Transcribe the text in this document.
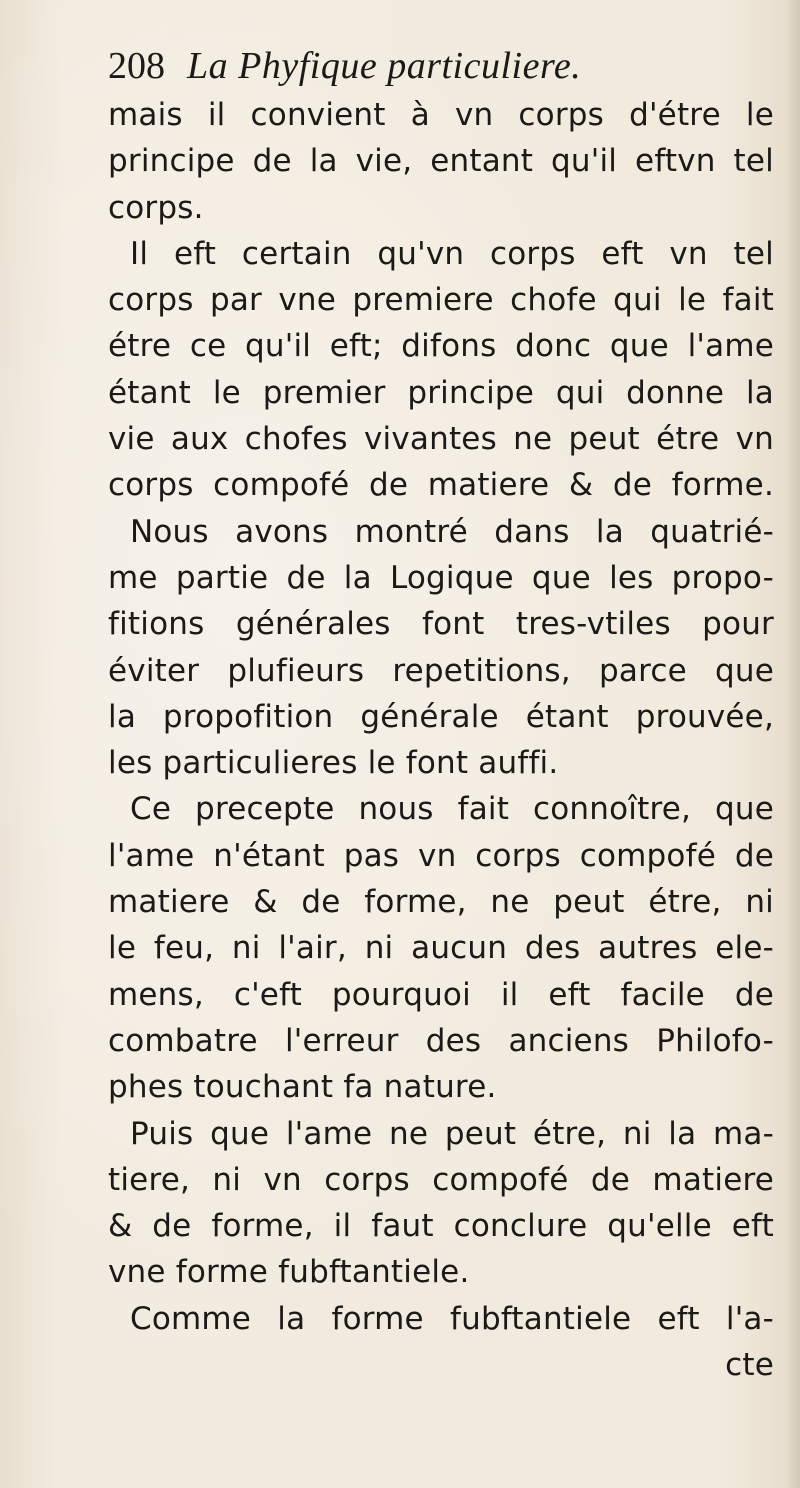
208 La Phyfique particuliere.
mais il convient à vn corps d'étre le
principe de la vie, entant qu'il eftvn tel
corps.
Il eft certain qu'vn corps eft vn tel
corps par vne premiere chofe qui le fait
étre ce qu'il eft; difons donc que l'ame
étant le premier principe qui donne la
vie aux chofes vivantes ne peut étre vn
corps compofé de matiere & de forme.
Nous avons montré dans la quatrié-
me partie de la Logique que les propo-
fitions générales font tres-vtiles pour
éviter plufieurs repetitions, parce que
la propofition générale étant prouvée,
les particulieres le font auffi.
Ce precepte nous fait connoître, que
l'ame n'étant pas vn corps compofé de
matiere & de forme, ne peut étre, ni
le feu, ni l'air, ni aucun des autres ele-
mens, c'eft pourquoi il eft facile de
combatre l'erreur des anciens Philofo-
phes touchant fa nature.
Puis que l'ame ne peut étre, ni la ma-
tiere, ni vn corps compofé de matiere
& de forme, il faut conclure qu'elle eft
vne forme fubftantiele.
Comme la forme fubftantiele eft l'a-
cte
